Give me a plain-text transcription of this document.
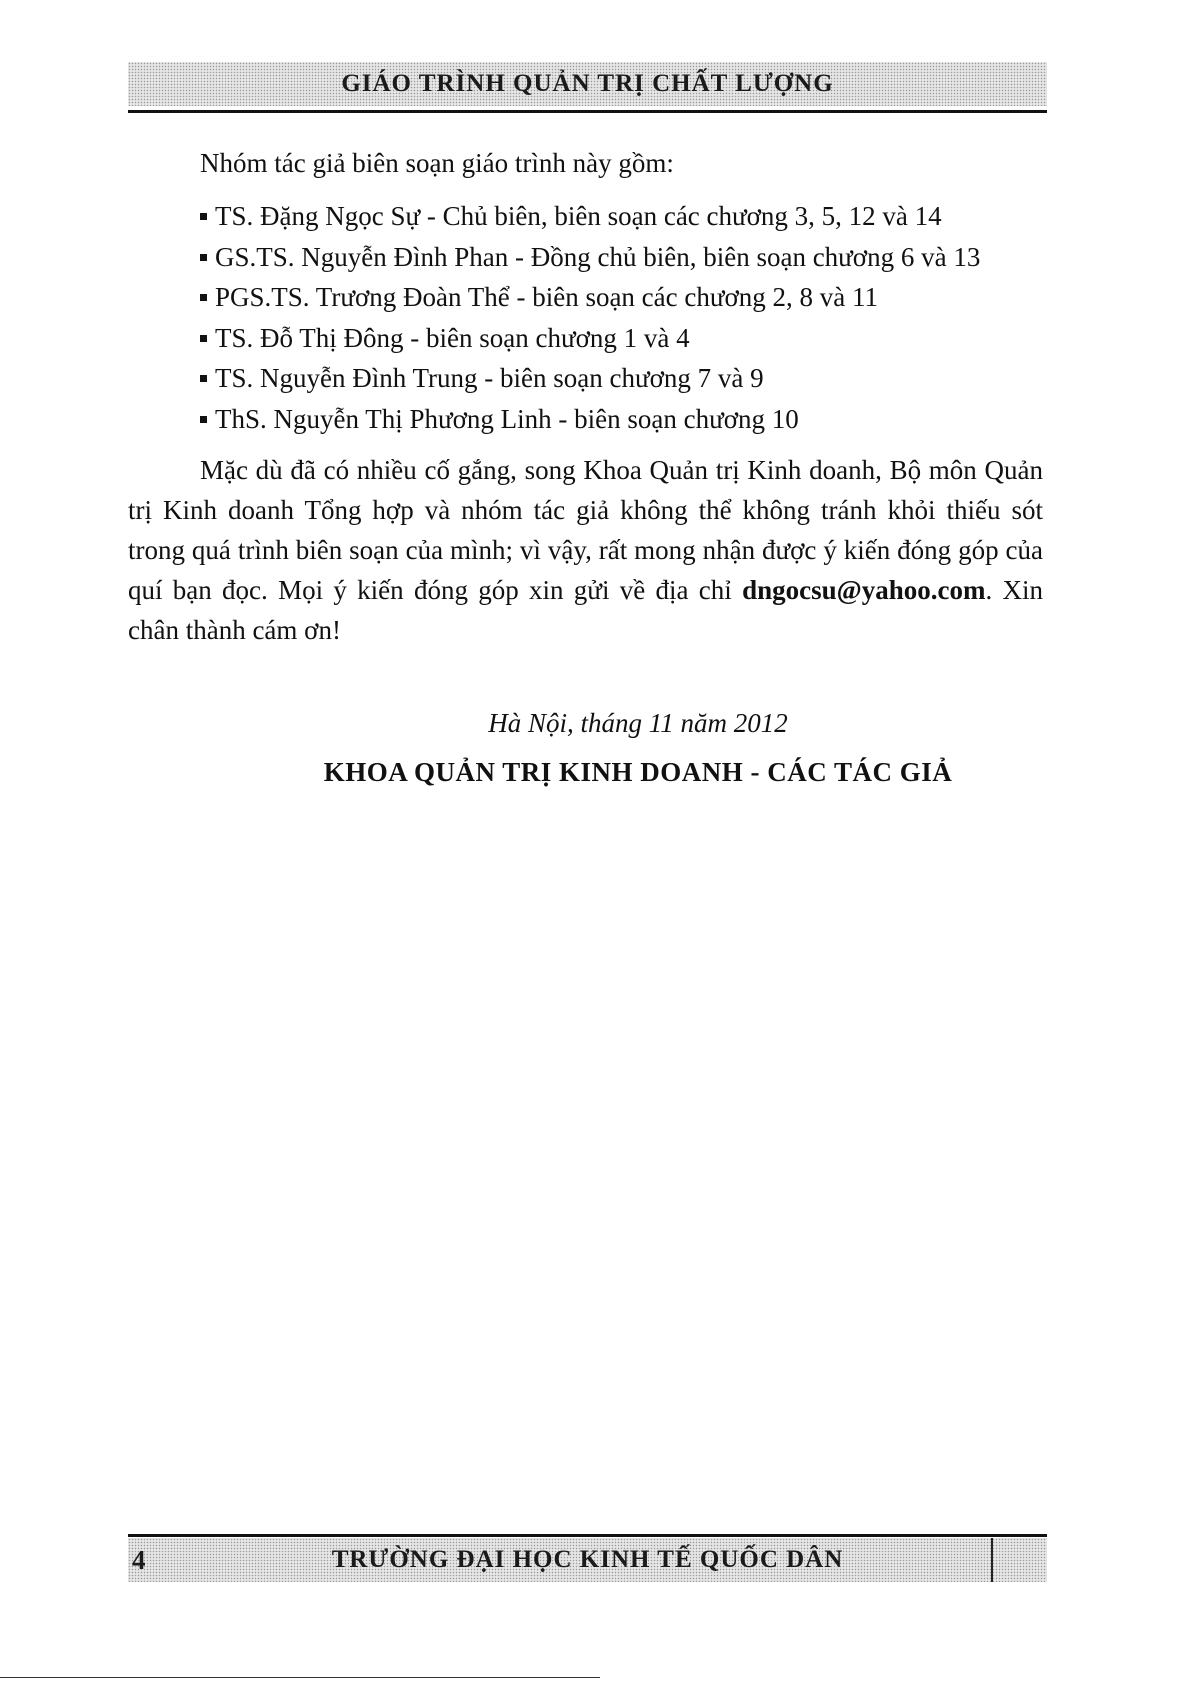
GIÁO TRÌNH QUẢN TRỊ CHẤT LƯỢNG
Nhóm tác giả biên soạn giáo trình này gồm:
TS. Đặng Ngọc Sự - Chủ biên, biên soạn các chương 3, 5, 12 và 14
GS.TS. Nguyễn Đình Phan - Đồng chủ biên, biên soạn chương 6 và 13
PGS.TS. Trương Đoàn Thể - biên soạn các chương 2, 8 và 11
TS. Đỗ Thị Đông - biên soạn chương 1 và 4
TS. Nguyễn Đình Trung - biên soạn chương 7 và 9
ThS. Nguyễn Thị Phương Linh - biên soạn chương 10

Mặc dù đã có nhiều cố gắng, song Khoa Quản trị Kinh doanh, Bộ môn Quản trị Kinh doanh Tổng hợp và nhóm tác giả không thể không tránh khỏi thiếu sót trong quá trình biên soạn của mình; vì vậy, rất mong nhận được ý kiến đóng góp của quí bạn đọc. Mọi ý kiến đóng góp xin gửi về địa chỉ dngocsu@yahoo.com. Xin chân thành cám ơn!

Hà Nội, tháng 11 năm 2012
KHOA QUẢN TRỊ KINH DOANH - CÁC TÁC GIẢ
4	TRƯỜNG ĐẠI HỌC KINH TẾ QUỐC DÂN
